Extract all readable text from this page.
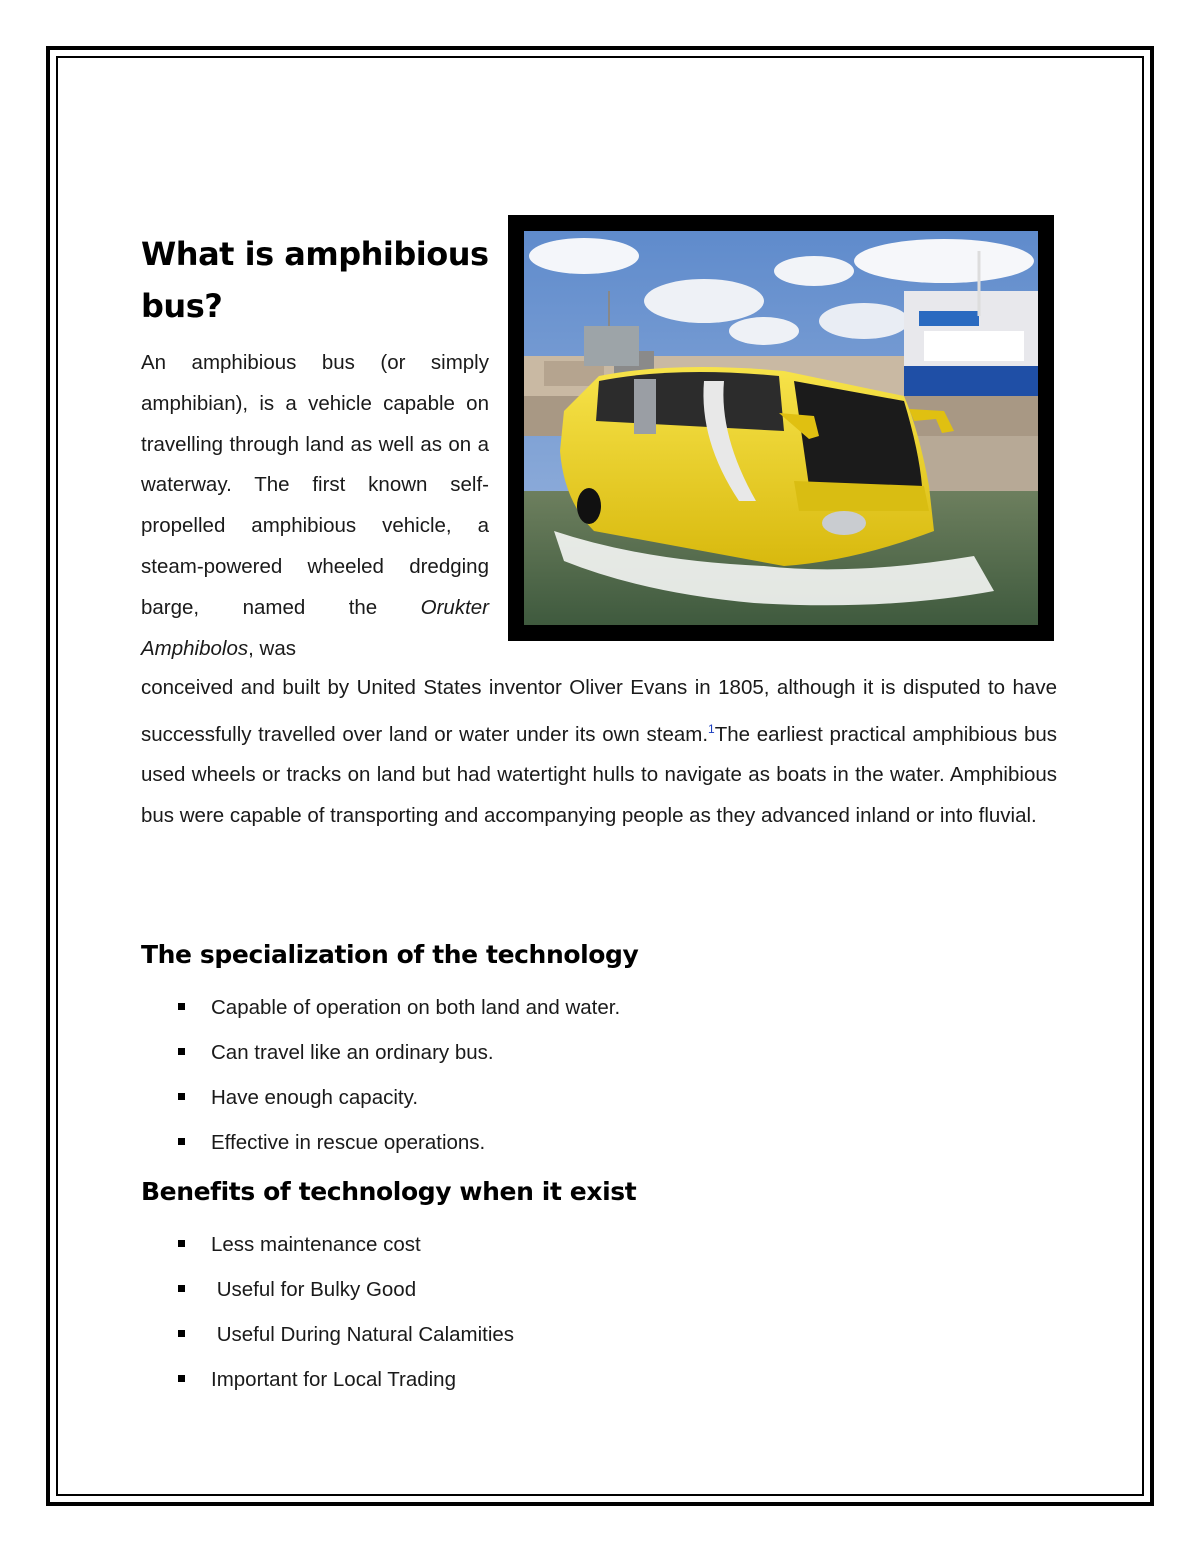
What is amphibious bus?

An amphibious bus (or simply amphibian), is a vehicle capable on travelling through land as well as on a waterway. The first known self-propelled amphibious vehicle, a steam-powered wheeled dredging barge, named the Orukter Amphibolos, was

conceived and built by United States inventor Oliver Evans in 1805, although it is disputed to have successfully travelled over land or water under its own steam.$^1$The earliest practical amphibious bus used wheels or tracks on land but had watertight hulls to navigate as boats in the water. Amphibious bus were capable of transporting and accompanying people as they advanced inland or into fluvial.

The specialization of the technology
Capable of operation on both land and water.
Can travel like an ordinary bus.
Have enough capacity.
Effective in rescue operations.
Benefits of technology when it exist
Less maintenance cost
Useful for Bulky Good
Useful During Natural Calamities
Important for Local Trading
